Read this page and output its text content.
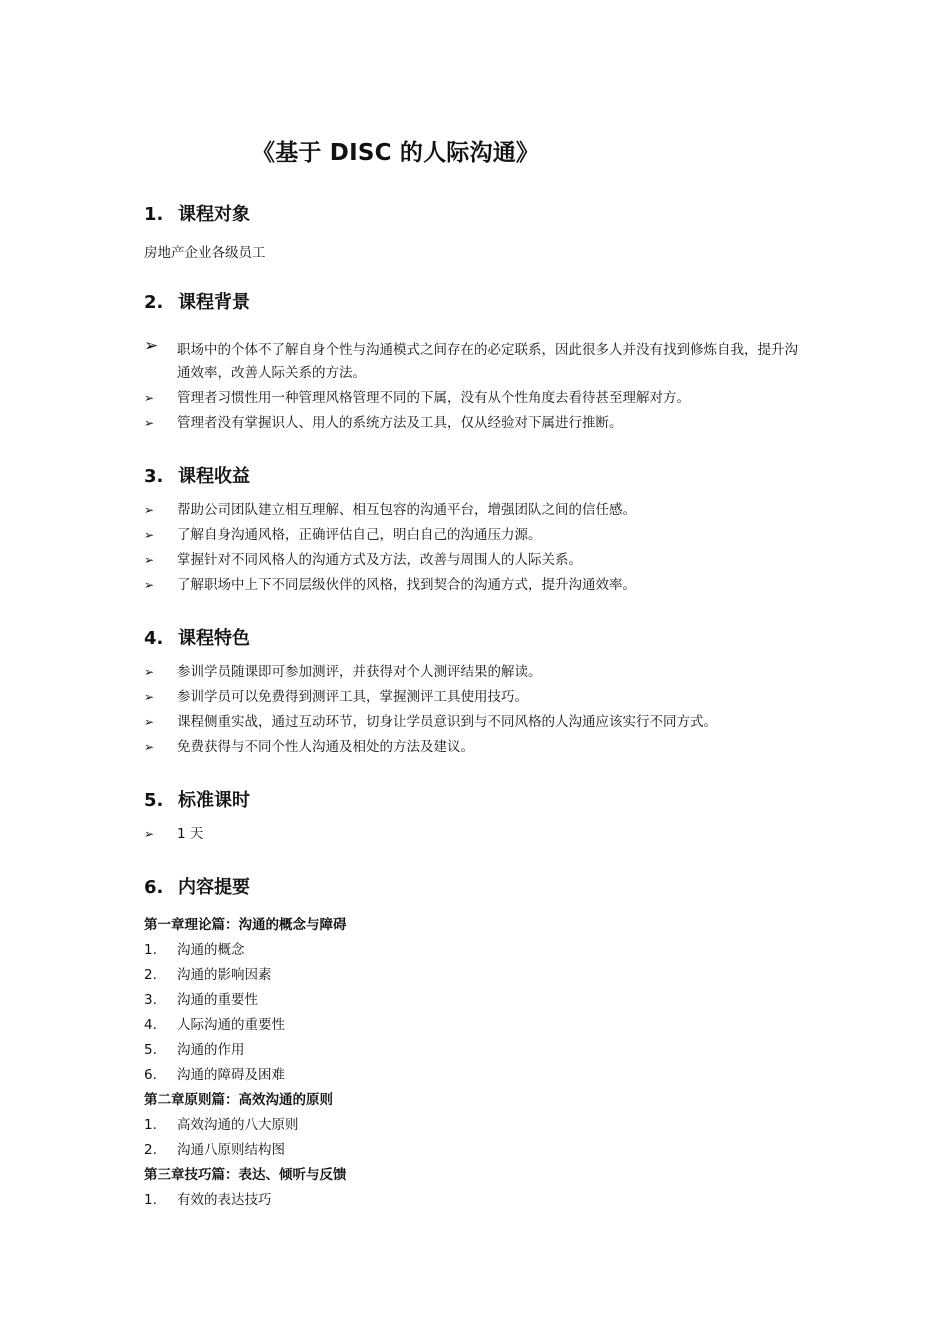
《基于 DISC 的人际沟通》
1. 课程对象
房地产企业各级员工
2. 课程背景
➢	职场中的个体不了解自身个性与沟通模式之间存在的必定联系，因此很多人并没有找到修炼自我，提升沟通效率，改善人际关系的方法。
➢	管理者习惯性用一种管理风格管理不同的下属，没有从个性角度去看待甚至理解对方。
➢	管理者没有掌握识人、用人的系统方法及工具，仅从经验对下属进行推断。
3. 课程收益
➢	帮助公司团队建立相互理解、相互包容的沟通平台，增强团队之间的信任感。
➢	了解自身沟通风格，正确评估自己，明白自己的沟通压力源。
➢	掌握针对不同风格人的沟通方式及方法，改善与周围人的人际关系。
➢	了解职场中上下不同层级伙伴的风格，找到契合的沟通方式，提升沟通效率。
4. 课程特色
➢	参训学员随课即可参加测评，并获得对个人测评结果的解读。
➢	参训学员可以免费得到测评工具，掌握测评工具使用技巧。
➢	课程侧重实战，通过互动环节，切身让学员意识到与不同风格的人沟通应该实行不同方式。
➢	免费获得与不同个性人沟通及相处的方法及建议。
5. 标准课时
➢	1 天
6. 内容提要
第一章理论篇：沟通的概念与障碍
1. 沟通的概念
2. 沟通的影响因素
3. 沟通的重要性
4. 人际沟通的重要性
5. 沟通的作用
6. 沟通的障碍及困难
第二章原则篇：高效沟通的原则
1. 高效沟通的八大原则
2. 沟通八原则结构图
第三章技巧篇：表达、倾听与反馈
1. 有效的表达技巧
